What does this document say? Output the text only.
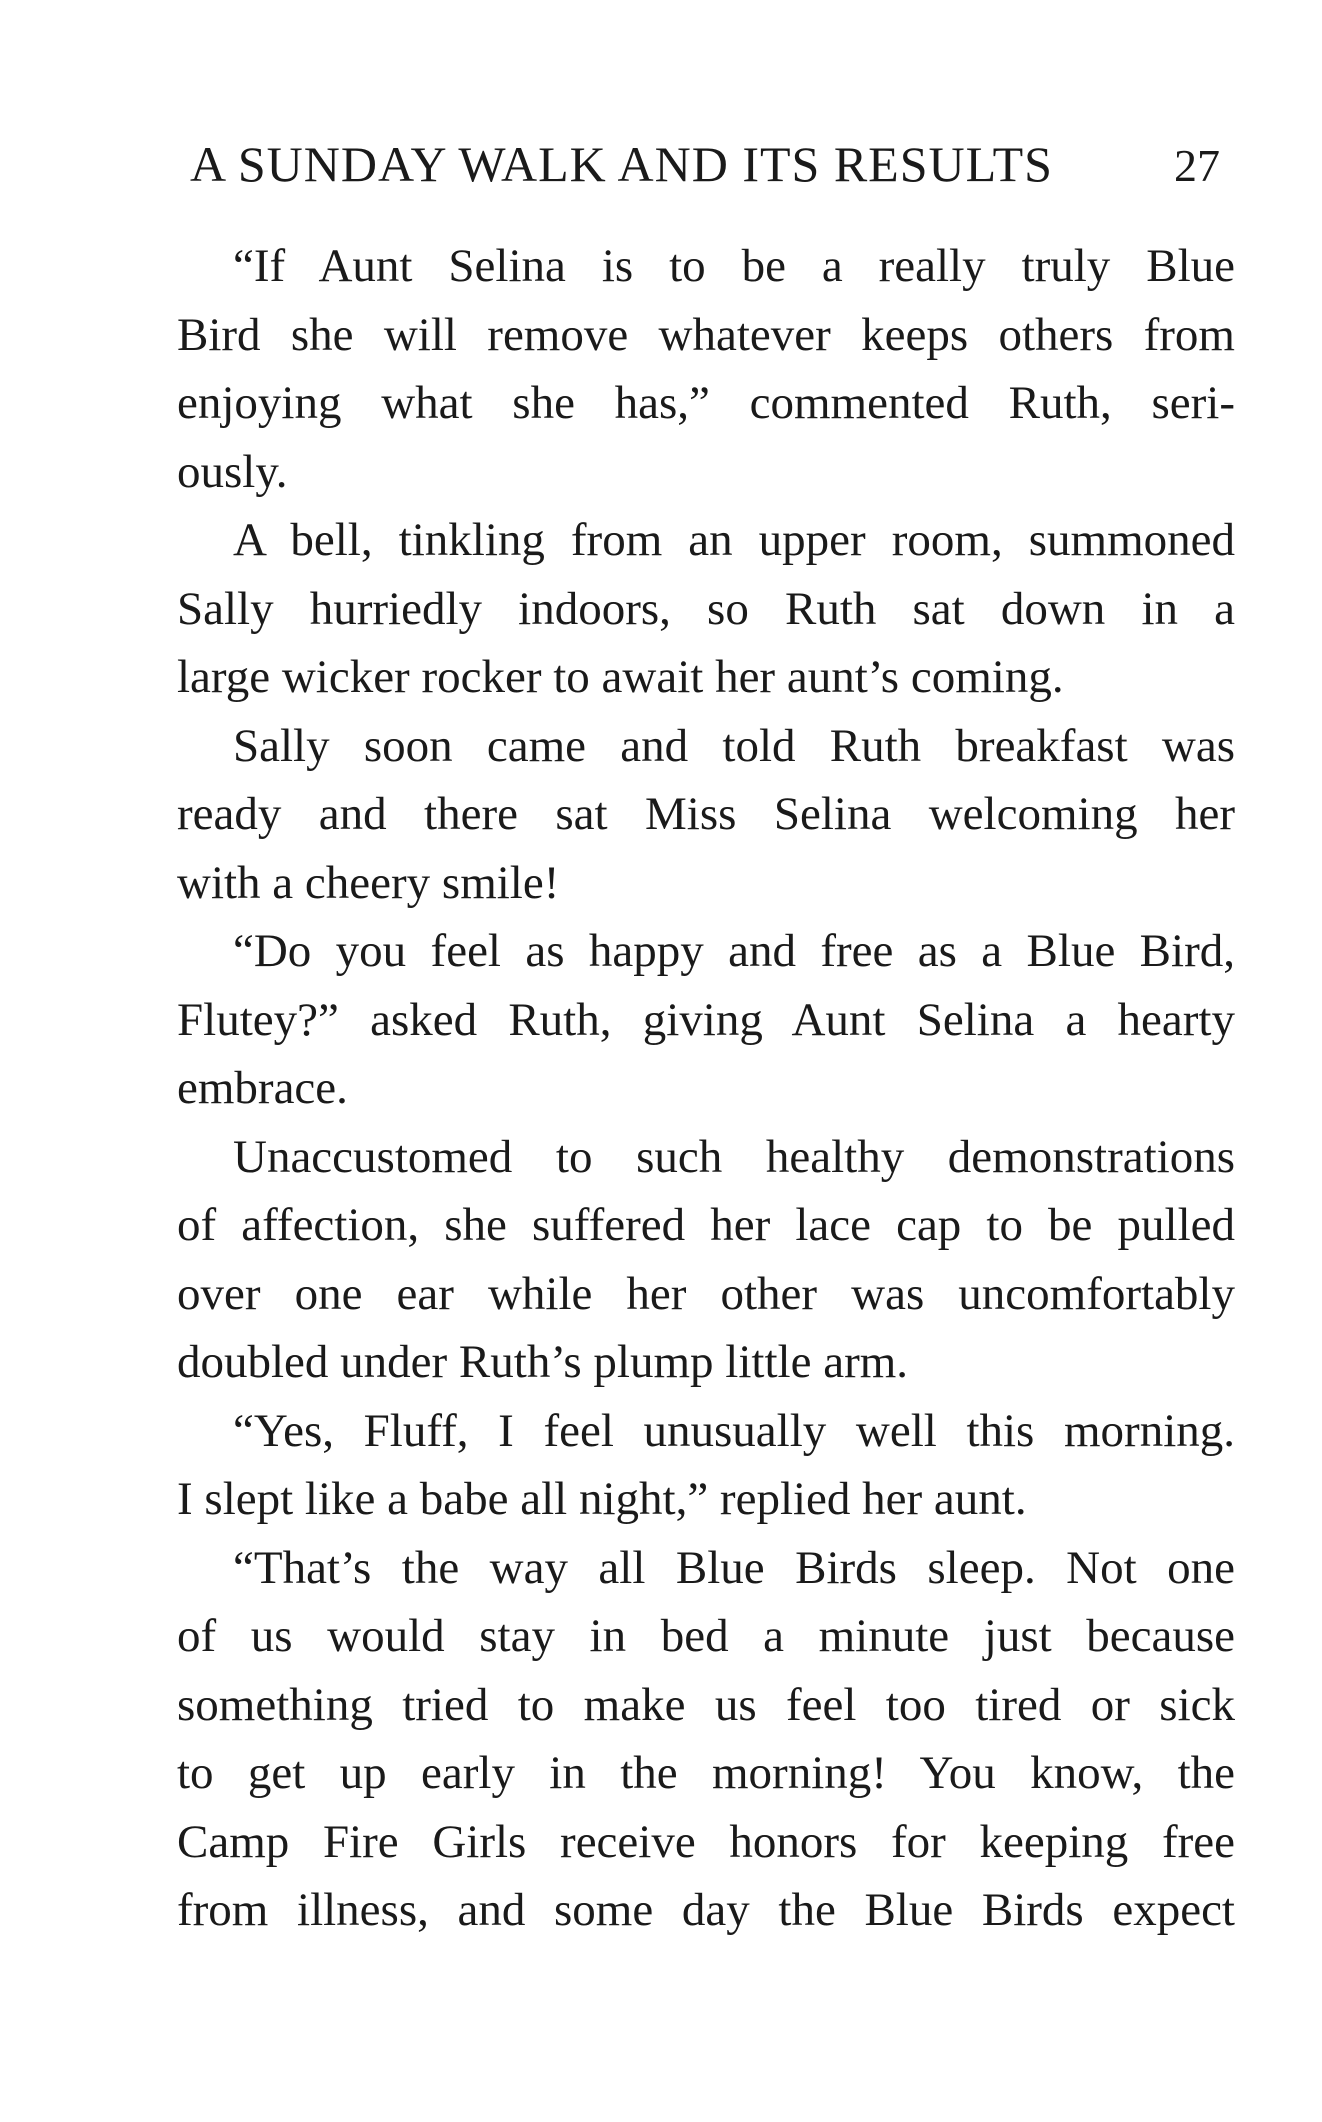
A SUNDAY WALK AND ITS RESULTS	27
“If Aunt Selina is to be a really truly Blue
Bird she will remove whatever keeps others from
enjoying what she has,” commented Ruth, seri-
ously.
A bell, tinkling from an upper room, summoned
Sally hurriedly indoors, so Ruth sat down in a
large wicker rocker to await her aunt’s coming.
Sally soon came and told Ruth breakfast was
ready and there sat Miss Selina welcoming her
with a cheery smile!
“Do you feel as happy and free as a Blue Bird,
Flutey?” asked Ruth, giving Aunt Selina a hearty
embrace.
Unaccustomed to such healthy demonstrations
of affection, she suffered her lace cap to be pulled
over one ear while her other was uncomfortably
doubled under Ruth’s plump little arm.
“Yes, Fluff, I feel unusually well this morning.
I slept like a babe all night,” replied her aunt.
“That’s the way all Blue Birds sleep. Not one
of us would stay in bed a minute just because
something tried to make us feel too tired or sick
to get up early in the morning! You know, the
Camp Fire Girls receive honors for keeping free
from illness, and some day the Blue Birds expect
